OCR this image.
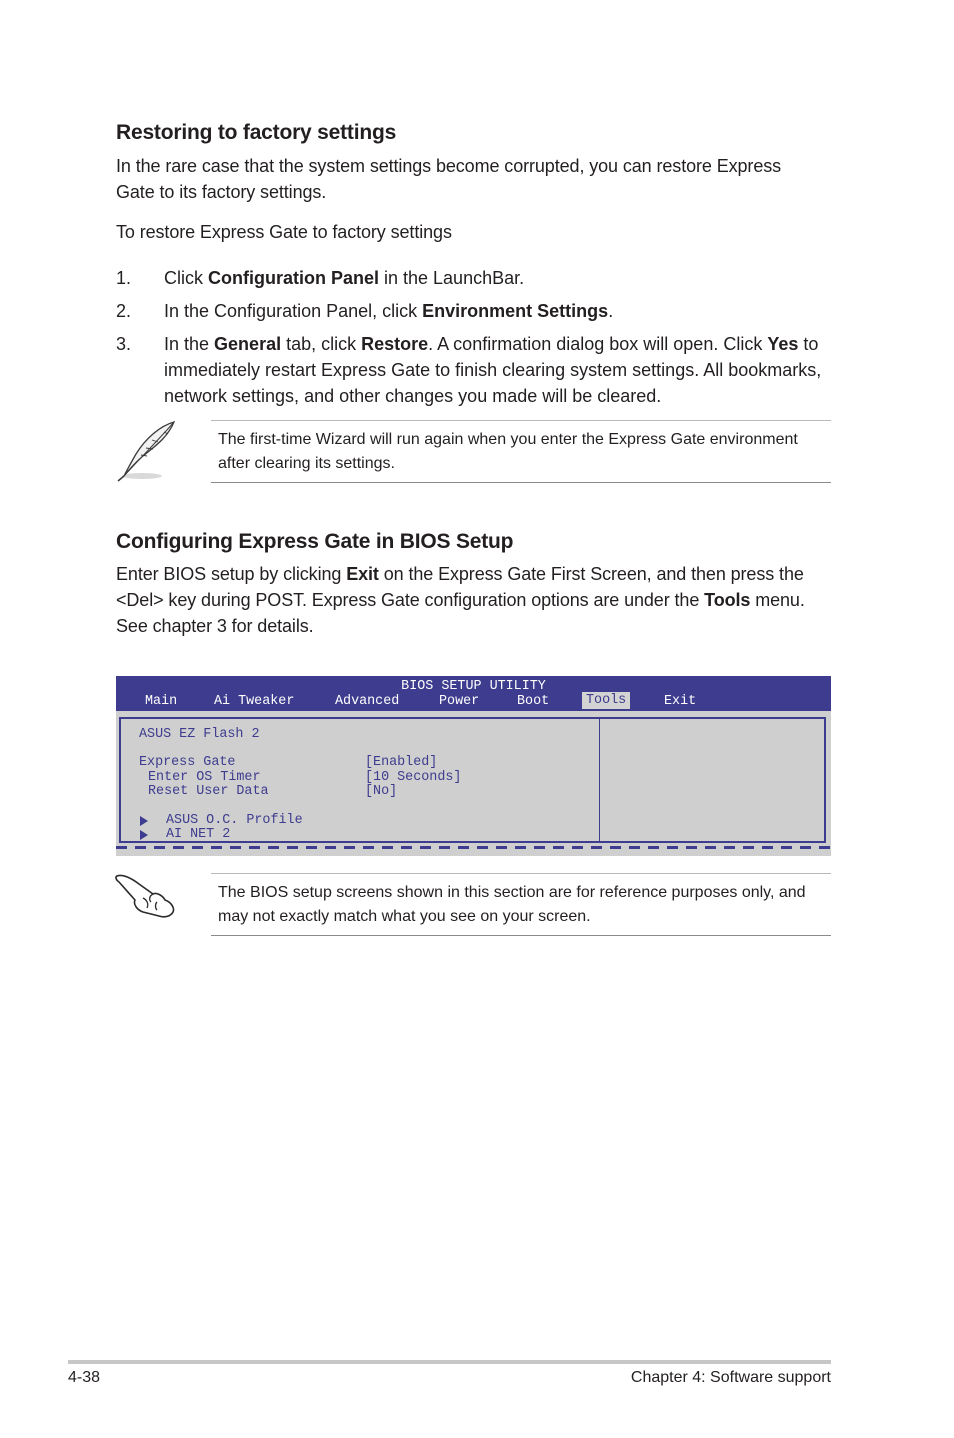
Restoring to factory settings
In the rare case that the system settings become corrupted, you can restore Express Gate to its factory settings.
To restore Express Gate to factory settings
1. Click Configuration Panel in the LaunchBar.
2. In the Configuration Panel, click Environment Settings.
3. In the General tab, click Restore. A confirmation dialog box will open. Click Yes to immediately restart Express Gate to finish clearing system settings. All bookmarks, network settings, and other changes you made will be cleared.
The first-time Wizard will run again when you enter the Express Gate environment after clearing its settings.
Configuring Express Gate in BIOS Setup
Enter BIOS setup by clicking Exit on the Express Gate First Screen, and then press the <Del> key during POST. Express Gate configuration options are under the Tools menu. See chapter 3 for details.
BIOS SETUP UTILITY
Main	Ai Tweaker	Advanced	Power	Boot	Tools	Exit
ASUS EZ Flash 2
Express Gate	[Enabled]
Enter OS Timer	[10 Seconds]
Reset User Data	[No]
ASUS O.C. Profile
AI NET 2
The BIOS setup screens shown in this section are for reference purposes only, and may not exactly match what you see on your screen.
4-38	Chapter 4: Software support
